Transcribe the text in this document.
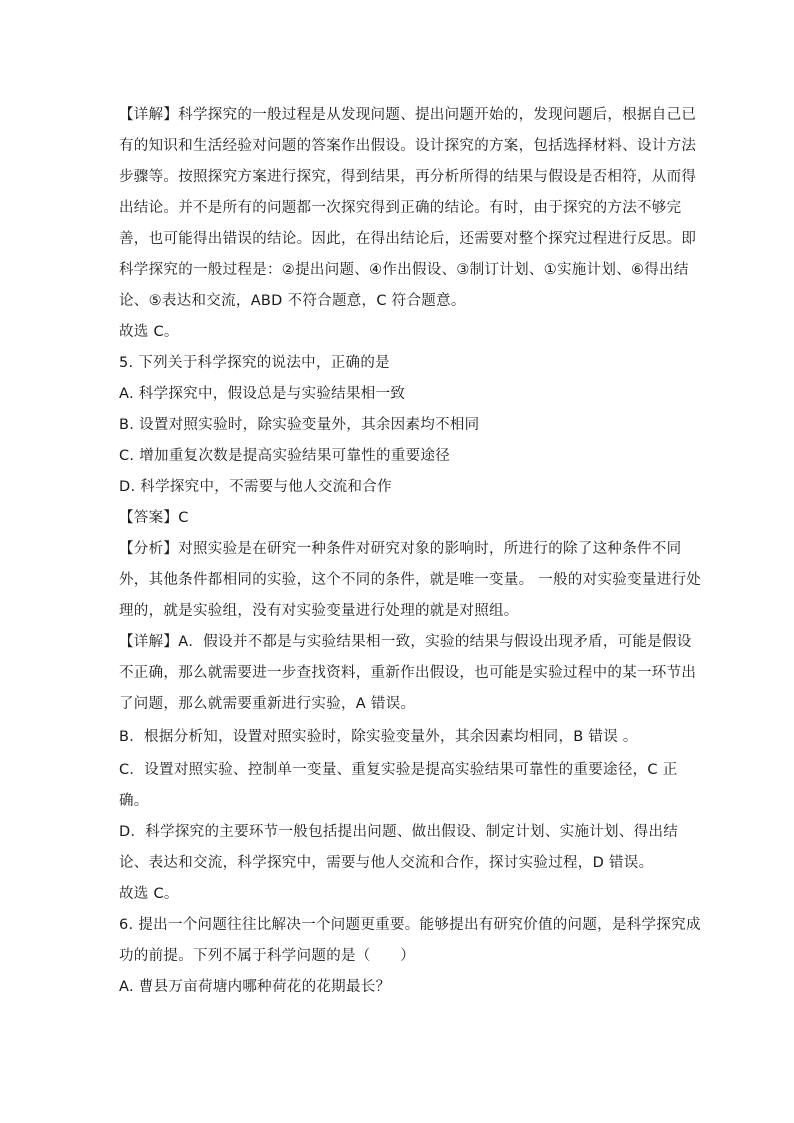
【详解】科学探究的一般过程是从发现问题、提出问题开始的，发现问题后，根据自己已
有的知识和生活经验对问题的答案作出假设。设计探究的方案，包括选择材料、设计方法
步骤等。按照探究方案进行探究，得到结果，再分析所得的结果与假设是否相符，从而得
出结论。并不是所有的问题都一次探究得到正确的结论。有时，由于探究的方法不够完
善，也可能得出错误的结论。因此，在得出结论后，还需要对整个探究过程进行反思。即
科学探究的一般过程是：②提出问题、④作出假设、③制订计划、①实施计划、⑥得出结
论、⑤表达和交流，ABD 不符合题意，C 符合题意。
故选 C。
5. 下列关于科学探究的说法中，正确的是
A. 科学探究中，假设总是与实验结果相一致
B. 设置对照实验时，除实验变量外，其余因素均不相同
C. 增加重复次数是提高实验结果可靠性的重要途径
D. 科学探究中，不需要与他人交流和合作
【答案】C
【分析】对照实验是在研究一种条件对研究对象的影响时，所进行的除了这种条件不同
外，其他条件都相同的实验，这个不同的条件，就是唯一变量。 一般的对实验变量进行处
理的，就是实验组，没有对实验变量进行处理的就是对照组。
【详解】A．假设并不都是与实验结果相一致，实验的结果与假设出现矛盾，可能是假设
不正确，那么就需要进一步查找资料，重新作出假设，也可能是实验过程中的某一环节出
了问题，那么就需要重新进行实验，A 错误。
B．根据分析知，设置对照实验时，除实验变量外，其余因素均相同，B 错误 。
C．设置对照实验、控制单一变量、重复实验是提高实验结果可靠性的重要途径，C 正
确。
D．科学探究的主要环节一般包括提出问题、做出假设、制定计划、实施计划、得出结
论、表达和交流，科学探究中，需要与他人交流和合作，探讨实验过程，D 错误。
故选 C。
6. 提出一个问题往往比解决一个问题更重要。能够提出有研究价值的问题，是科学探究成
功的前提。下列不属于科学问题的是（　　）
A. 曹县万亩荷塘内哪种荷花的花期最长？
